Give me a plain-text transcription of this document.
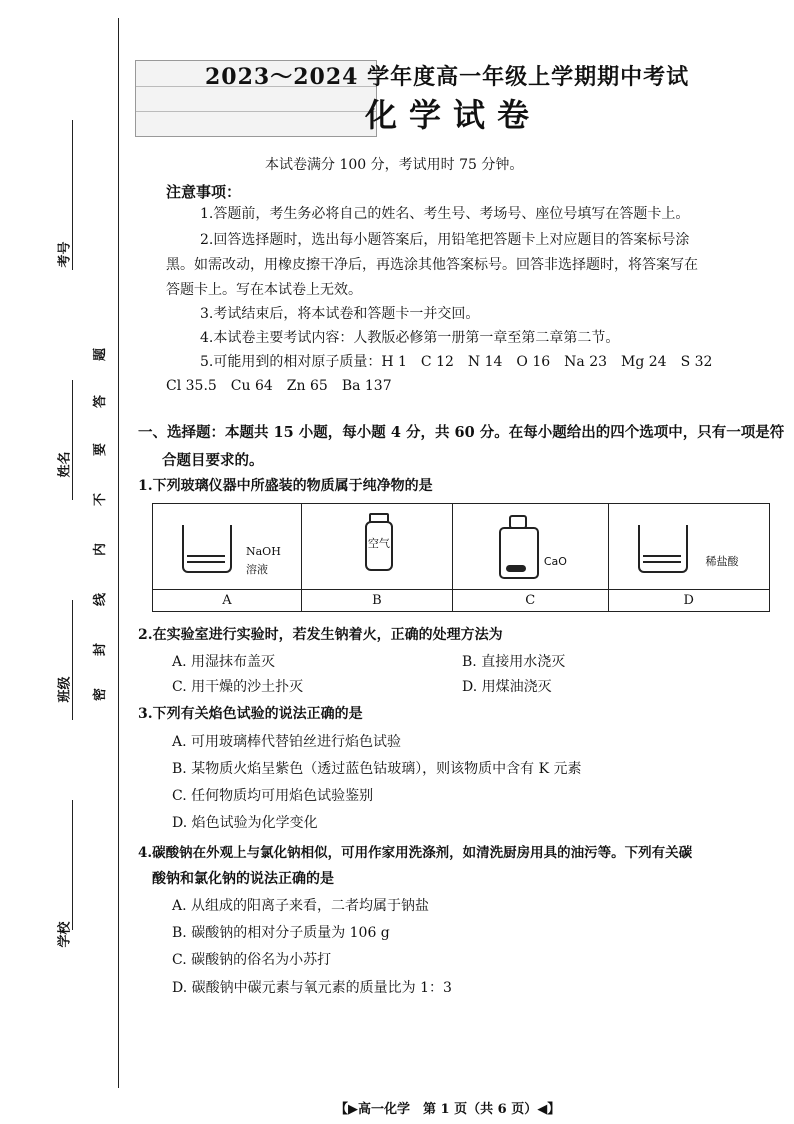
考号
姓名
班级
学校
密
封
线
内
不
要
答
题
2023～2024 学年度高一年级上学期期中考试
化学试卷
本试卷满分 100 分，考试用时 75 分钟。
注意事项：
1.答题前，考生务必将自己的姓名、考生号、考场号、座位号填写在答题卡上。
2.回答选择题时，选出每小题答案后，用铅笔把答题卡上对应题目的答案标号涂
黑。如需改动，用橡皮擦干净后，再选涂其他答案标号。回答非选择题时，将答案写在
答题卡上。写在本试卷上无效。
3.考试结束后，将本试卷和答题卡一并交回。
4.本试卷主要考试内容：人教版必修第一册第一章至第二章第二节。
5.可能用到的相对原子质量：H 1　C 12　N 14　O 16　Na 23　Mg 24　S 32
Cl 35.5　Cu 64　Zn 65　Ba 137
一、选择题：本题共 15 小题，每小题 4 分，共 60 分。在每小题给出的四个选项中，只有一项是符
合题目要求的。
1.下列玻璃仪器中所盛装的物质属于纯净物的是
NaOH
溶液	空气	CaO	稀盐酸

A	B	C	D
2.在实验室进行实验时，若发生钠着火，正确的处理方法为
A. 用湿抹布盖灭	B. 直接用水浇灭
C. 用干燥的沙土扑灭	D. 用煤油浇灭
3.下列有关焰色试验的说法正确的是
A. 可用玻璃棒代替铂丝进行焰色试验
B. 某物质火焰呈紫色（透过蓝色钴玻璃），则该物质中含有 K 元素
C. 任何物质均可用焰色试验鉴别
D. 焰色试验为化学变化
4.碳酸钠在外观上与氯化钠相似，可用作家用洗涤剂，如清洗厨房用具的油污等。下列有关碳
酸钠和氯化钠的说法正确的是
A. 从组成的阳离子来看，二者均属于钠盐
B. 碳酸钠的相对分子质量为 106 g
C. 碳酸钠的俗名为小苏打
D. 碳酸钠中碳元素与氧元素的质量比为 1：3
【▶高一化学　第 1 页（共 6 页）◀】
